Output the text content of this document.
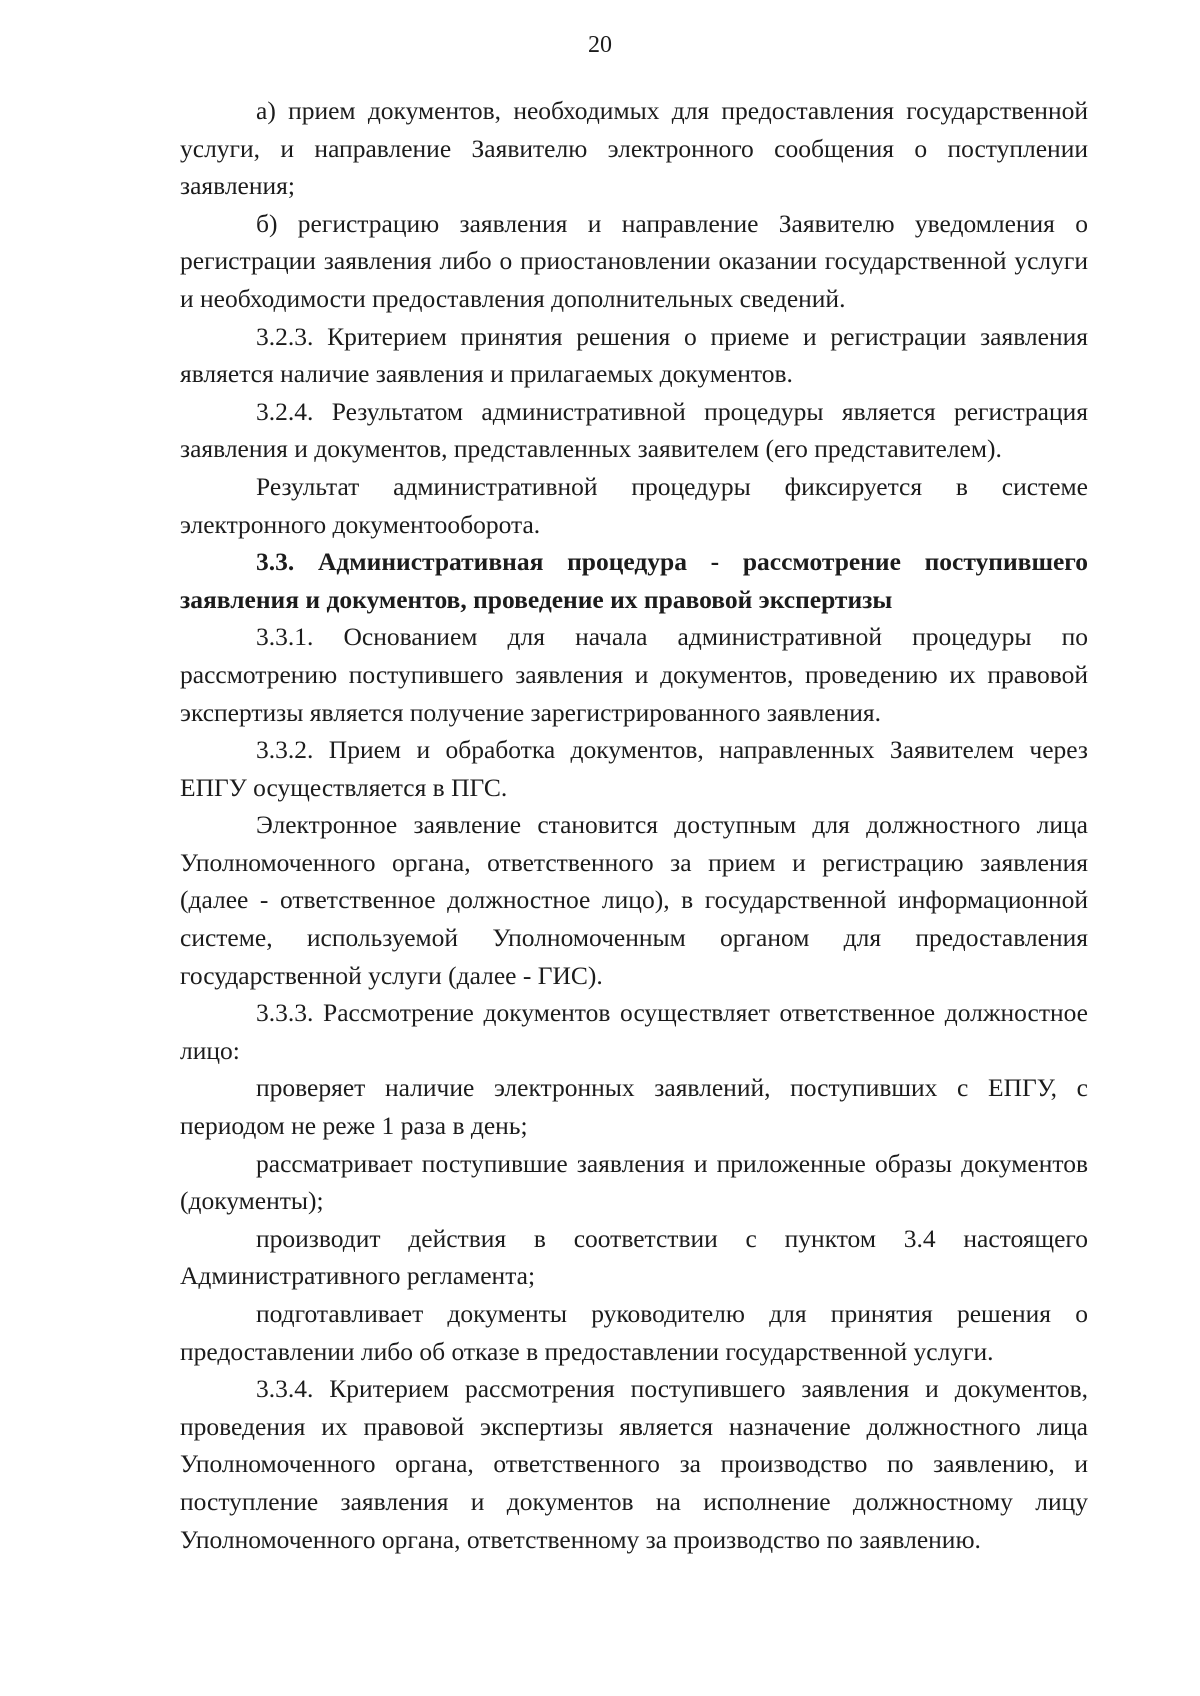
20

а) прием документов, необходимых для предоставления государственной услуги, и направление Заявителю электронного сообщения о поступлении заявления;

б) регистрацию заявления и направление Заявителю уведомления о регистрации заявления либо о приостановлении оказании государственной услуги и необходимости предоставления дополнительных сведений.

3.2.3. Критерием принятия решения о приеме и регистрации заявления является наличие заявления и прилагаемых документов.

3.2.4. Результатом административной процедуры является регистрация заявления и документов, представленных заявителем (его представителем).

Результат административной процедуры фиксируется в системе электронного документооборота.

3.3. Административная процедура - рассмотрение поступившего заявления и документов, проведение их правовой экспертизы

3.3.1. Основанием для начала административной процедуры по рассмотрению поступившего заявления и документов, проведению их правовой экспертизы является получение зарегистрированного заявления.

3.3.2. Прием и обработка документов, направленных Заявителем через ЕПГУ осуществляется в ПГС.

Электронное заявление становится доступным для должностного лица Уполномоченного органа, ответственного за прием и регистрацию заявления (далее - ответственное должностное лицо), в государственной информационной системе, используемой Уполномоченным органом для предоставления государственной услуги (далее - ГИС).

3.3.3. Рассмотрение документов осуществляет ответственное должностное лицо:

проверяет наличие электронных заявлений, поступивших с ЕПГУ, с периодом не реже 1 раза в день;

рассматривает поступившие заявления и приложенные образы документов (документы);

производит действия в соответствии с пунктом 3.4 настоящего Административного регламента;

подготавливает документы руководителю для принятия решения о предоставлении либо об отказе в предоставлении государственной услуги.

3.3.4. Критерием рассмотрения поступившего заявления и документов, проведения их правовой экспертизы является назначение должностного лица Уполномоченного органа, ответственного за производство по заявлению, и поступление заявления и документов на исполнение должностному лицу Уполномоченного органа, ответственному за производство по заявлению.
